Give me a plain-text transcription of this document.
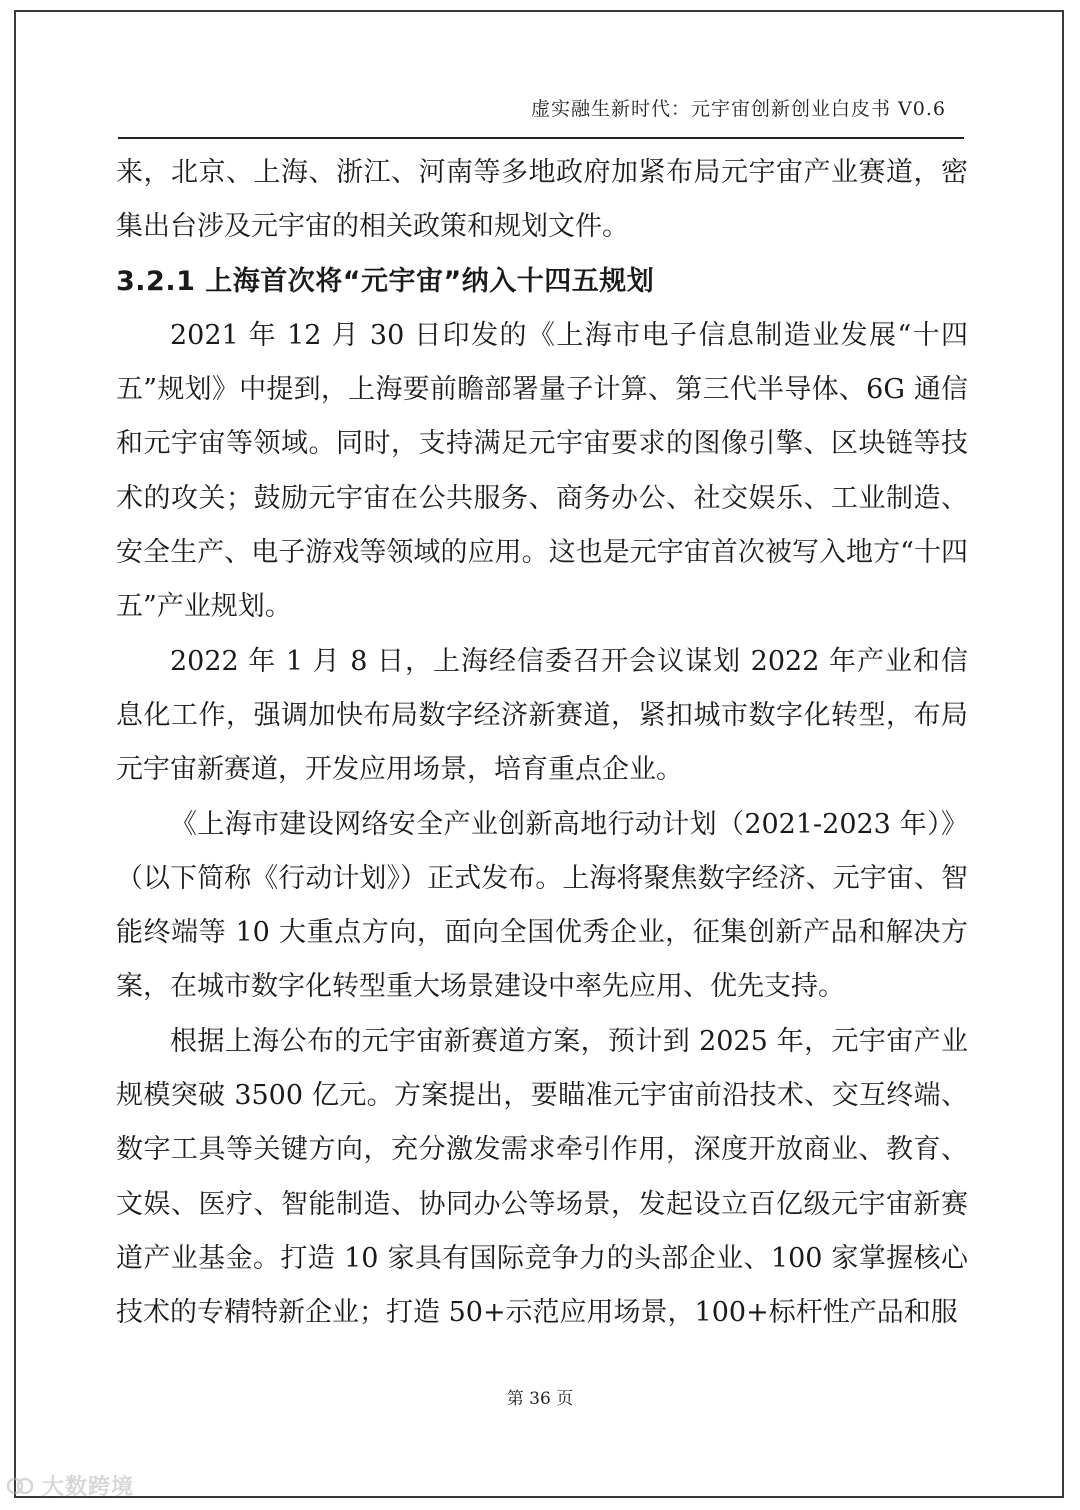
虚实融生新时代：元宇宙创新创业白皮书 V0.6

来，北京、上海、浙江、河南等多地政府加紧布局元宇宙产业赛道，密集出台涉及元宇宙的相关政策和规划文件。

3.2.1 上海首次将“元宇宙”纳入十四五规划

2021 年 12 月 30 日印发的《上海市电子信息制造业发展“十四五”规划》中提到，上海要前瞻部署量子计算、第三代半导体、6G 通信和元宇宙等领域。同时，支持满足元宇宙要求的图像引擎、区块链等技术的攻关；鼓励元宇宙在公共服务、商务办公、社交娱乐、工业制造、安全生产、电子游戏等领域的应用。这也是元宇宙首次被写入地方“十四五”产业规划。

2022 年 1 月 8 日，上海经信委召开会议谋划 2022 年产业和信息化工作，强调加快布局数字经济新赛道，紧扣城市数字化转型，布局元宇宙新赛道，开发应用场景，培育重点企业。

《上海市建设网络安全产业创新高地行动计划（2021-2023 年）》（以下简称《行动计划》）正式发布。上海将聚焦数字经济、元宇宙、智能终端等 10 大重点方向，面向全国优秀企业，征集创新产品和解决方案，在城市数字化转型重大场景建设中率先应用、优先支持。

根据上海公布的元宇宙新赛道方案，预计到 2025 年，元宇宙产业规模突破 3500 亿元。方案提出，要瞄准元宇宙前沿技术、交互终端、数字工具等关键方向，充分激发需求牵引作用，深度开放商业、教育、文娱、医疗、智能制造、协同办公等场景，发起设立百亿级元宇宙新赛道产业基金。打造 10 家具有国际竞争力的头部企业、100 家掌握核心技术的专精特新企业；打造 50+示范应用场景，100+标杆性产品和服

第 36 页
大数跨境
